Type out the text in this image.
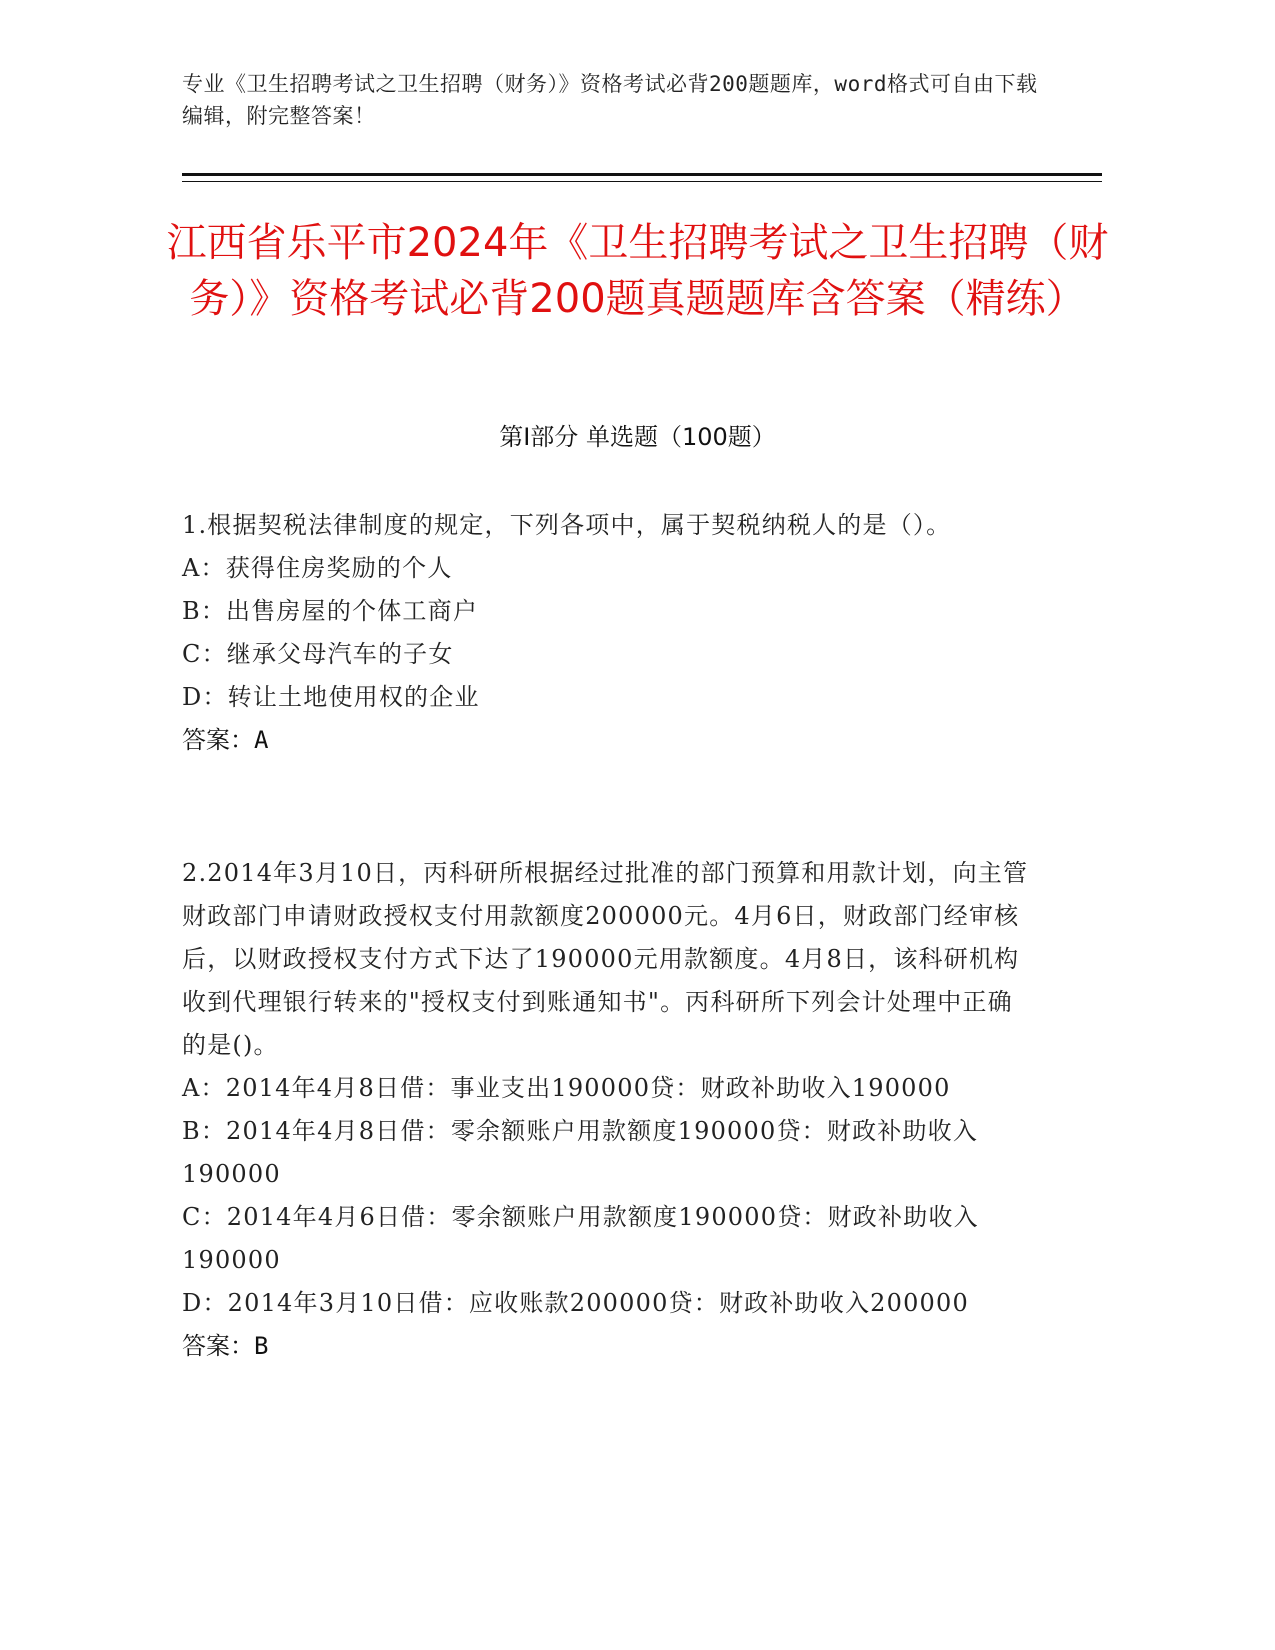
专业《卫生招聘考试之卫生招聘（财务）》资格考试必背200题题库，word格式可自由下载编辑，附完整答案！
江西省乐平市2024年《卫生招聘考试之卫生招聘（财务）》资格考试必背200题真题题库含答案（精练）
第I部分 单选题（100题）

1.根据契税法律制度的规定，下列各项中，属于契税纳税人的是（）。

A：获得住房奖励的个人

B：出售房屋的个体工商户

C：继承父母汽车的子女

D：转让土地使用权的企业

答案：A

2.2014年3月10日，丙科研所根据经过批准的部门预算和用款计划，向主管财政部门申请财政授权支付用款额度200000元。4月6日，财政部门经审核后，以财政授权支付方式下达了190000元用款额度。4月8日，该科研机构收到代理银行转来的"授权支付到账通知书"。丙科研所下列会计处理中正确的是()。

A：2014年4月8日借：事业支出190000贷：财政补助收入190000

B：2014年4月8日借：零余额账户用款额度190000贷：财政补助收入190000

C：2014年4月6日借：零余额账户用款额度190000贷：财政补助收入190000

D：2014年3月10日借：应收账款200000贷：财政补助收入200000

答案：B
